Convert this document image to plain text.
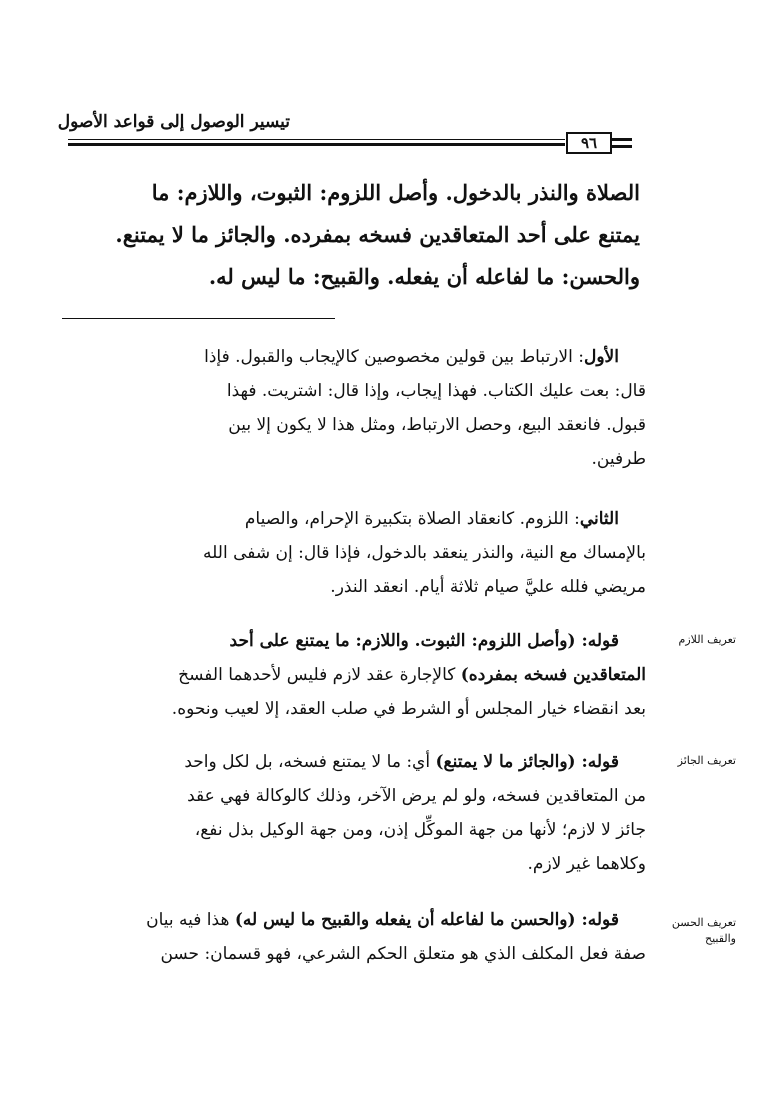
تيسير الوصول إلى قواعد الأصول
٩٦
الصلاة والنذر بالدخول. وأصل اللزوم: الثبوت، واللازم: ما
يمتنع على أحد المتعاقدين فسخه بمفرده. والجائز ما لا يمتنع.
والحسن: ما لفاعله أن يفعله. والقبيح: ما ليس له.
الأول: الارتباط بين قولين مخصوصين كالإيجاب والقبول. فإذا
قال: بعت عليك الكتاب. فهذا إيجاب، وإذا قال: اشتريت. فهذا
قبول. فانعقد البيع، وحصل الارتباط، ومثل هذا لا يكون إلا بين
طرفين.
الثاني: اللزوم. كانعقاد الصلاة بتكبيرة الإحرام، والصيام
بالإمساك مع النية، والنذر ينعقد بالدخول، فإذا قال: إن شفى الله
مريضي فلله عليَّ صيام ثلاثة أيام. انعقد النذر.
تعريف اللازم
قوله: (وأصل اللزوم: الثبوت. واللازم: ما يمتنع على أحد
المتعاقدين فسخه بمفرده) كالإجارة عقد لازم فليس لأحدهما الفسخ
بعد انقضاء خيار المجلس أو الشرط في صلب العقد، إلا لعيب ونحوه.
تعريف الجائز
قوله: (والجائز ما لا يمتنع) أي: ما لا يمتنع فسخه، بل لكل واحد
من المتعاقدين فسخه، ولو لم يرض الآخر، وذلك كالوكالة فهي عقد
جائز لا لازم؛ لأنها من جهة الموكِّل إذن، ومن جهة الوكيل بذل نفع،
وكلاهما غير لازم.
تعريف الحسن والقبيح
قوله: (والحسن ما لفاعله أن يفعله والقبيح ما ليس له) هذا فيه بيان
صفة فعل المكلف الذي هو متعلق الحكم الشرعي، فهو قسمان: حسن
